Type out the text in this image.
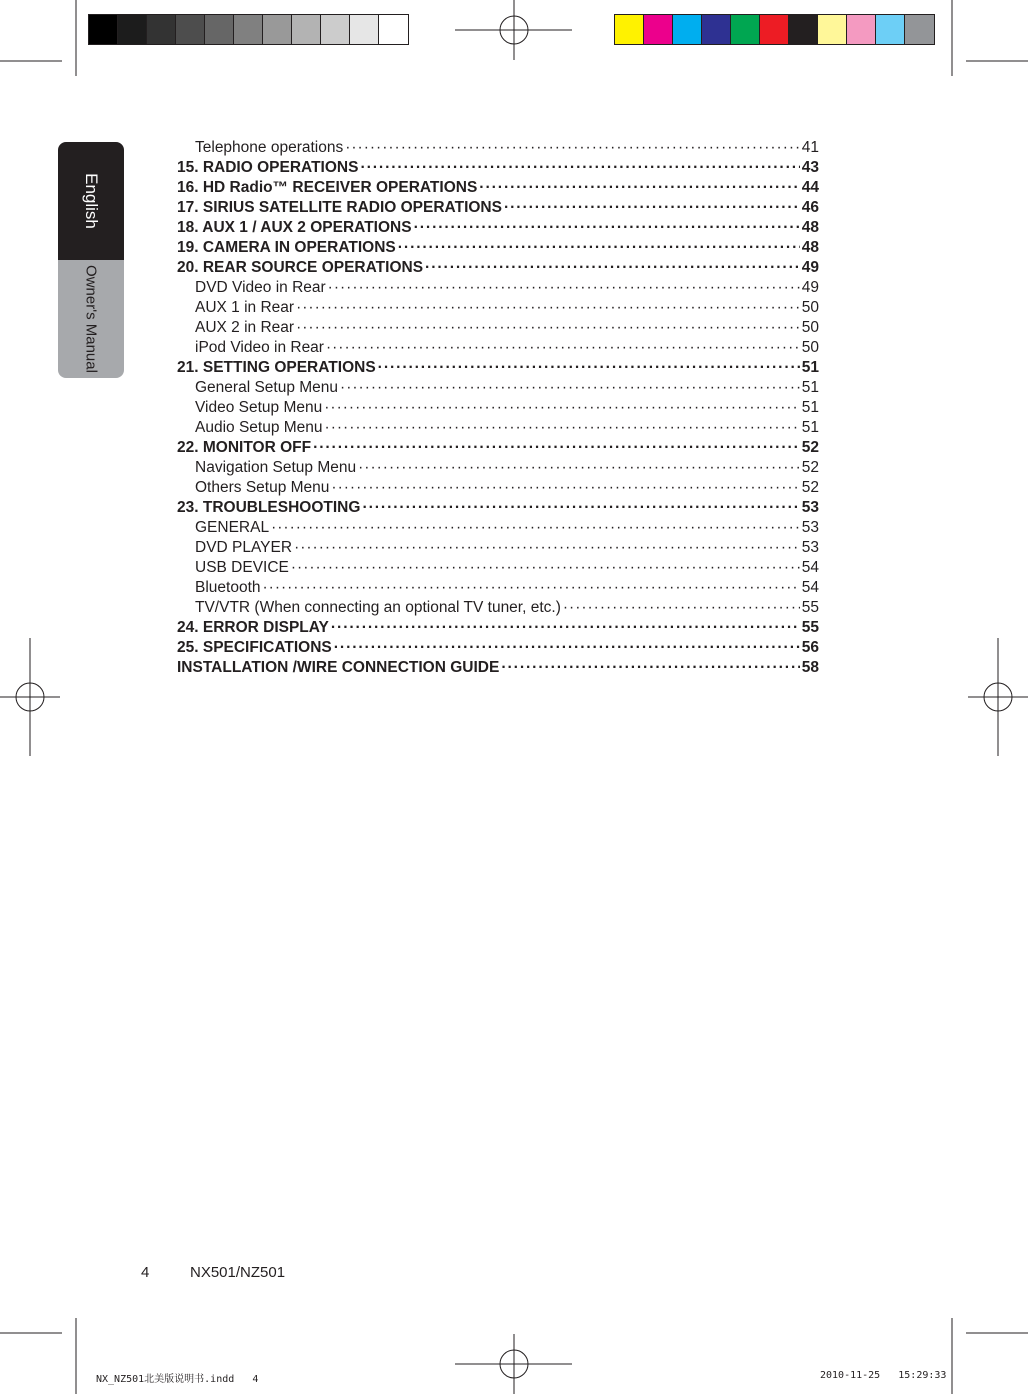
English
Owner's Manual
Telephone operations ·····	41
15. RADIO OPERATIONS ·····	43
16. HD Radio™ RECEIVER OPERATIONS ·····	44
17. SIRIUS SATELLITE RADIO OPERATIONS ·····	46
18. AUX 1 / AUX 2 OPERATIONS ·····	48
19. CAMERA IN OPERATIONS ·····	48
20. REAR SOURCE OPERATIONS ·····	49
DVD Video in Rear ·····	49
AUX 1 in Rear ·····	50
AUX 2 in Rear ·····	50
iPod Video in Rear ·····	50
21. SETTING OPERATIONS ·····	51
General Setup Menu ·····	51
Video Setup Menu ·····	51
Audio Setup Menu ·····	51
22. MONITOR OFF ·····	52
Navigation Setup Menu ·····	52
Others Setup Menu ·····	52
23. TROUBLESHOOTING ·····	53
GENERAL ·····	53
DVD PLAYER ·····	53
USB DEVICE ·····	54
Bluetooth ·····	54
TV/VTR (When connecting an optional TV tuner, etc.) ·····	55
24. ERROR DISPLAY ·····	55
25. SPECIFICATIONS ·····	56
INSTALLATION /WIRE CONNECTION GUIDE ·····	58
4	NX501/NZ501
NX_NZ501北美版说明书.indd   4	2010-11-25   15:29:33
